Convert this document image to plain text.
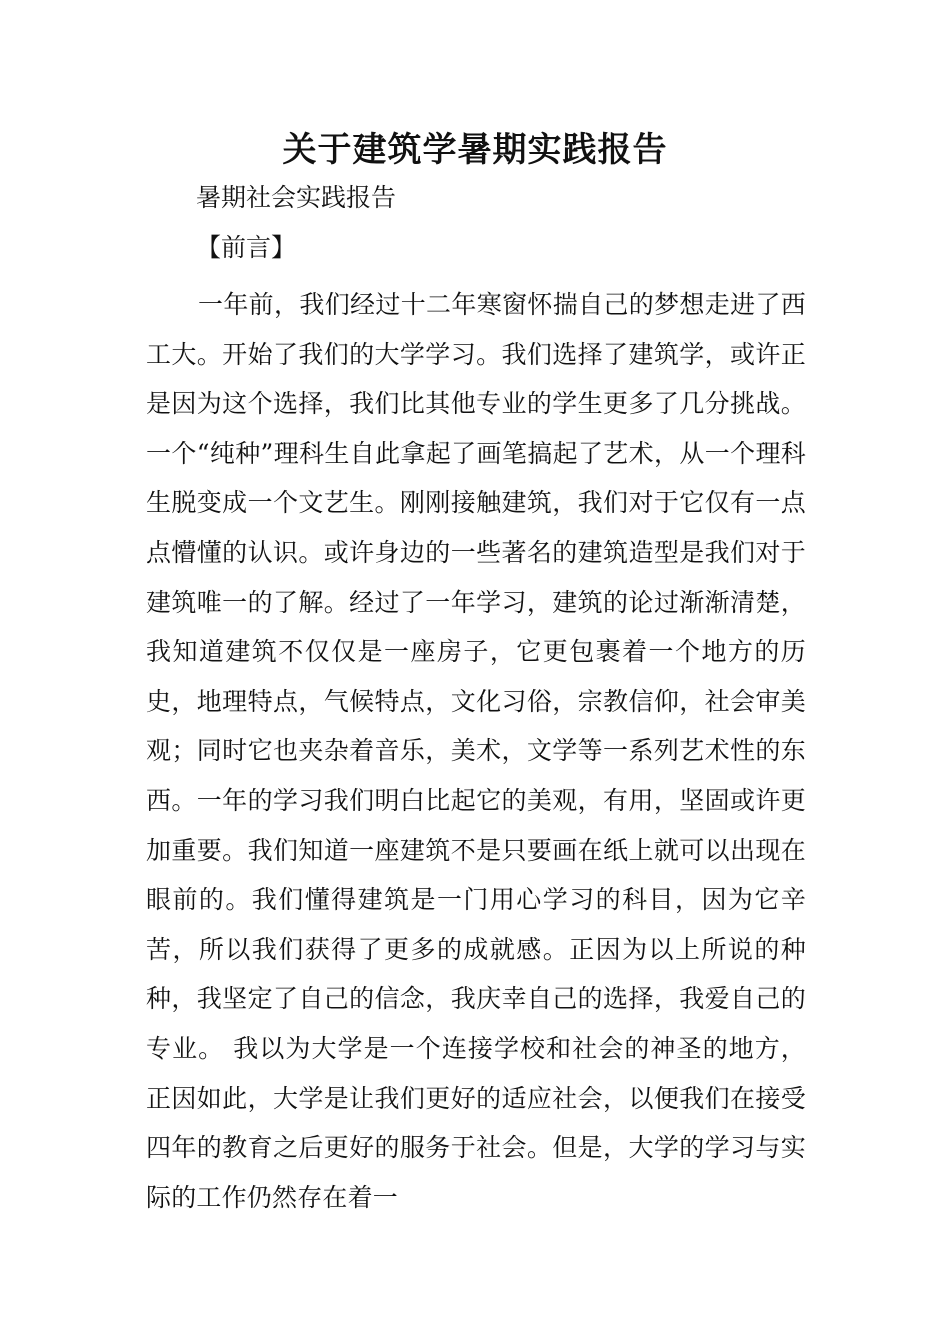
关于建筑学暑期实践报告
暑期社会实践报告
【前言】
一年前，我们经过十二年寒窗怀揣自己的梦想走进了西工大。开始了我们的大学学习。我们选择了建筑学，或许正是因为这个选择，我们比其他专业的学生更多了几分挑战。一个“纯种”理科生自此拿起了画笔搞起了艺术，从一个理科生脱变成一个文艺生。刚刚接触建筑，我们对于它仅有一点点懵懂的认识。或许身边的一些著名的建筑造型是我们对于建筑唯一的了解。经过了一年学习，建筑的论过渐渐清楚，我知道建筑不仅仅是一座房子，它更包裹着一个地方的历史，地理特点，气候特点，文化习俗，宗教信仰，社会审美观；同时它也夹杂着音乐，美术，文学等一系列艺术性的东西。一年的学习我们明白比起它的美观，有用，坚固或许更加重要。我们知道一座建筑不是只要画在纸上就可以出现在眼前的。我们懂得建筑是一门用心学习的科目，因为它辛苦，所以我们获得了更多的成就感。正因为以上所说的种种，我坚定了自己的信念，我庆幸自己的选择，我爱自己的专业。 我以为大学是一个连接学校和社会的神圣的地方，正因如此，大学是让我们更好的适应社会，以便我们在接受四年的教育之后更好的服务于社会。但是，大学的学习与实际的工作仍然存在着一
